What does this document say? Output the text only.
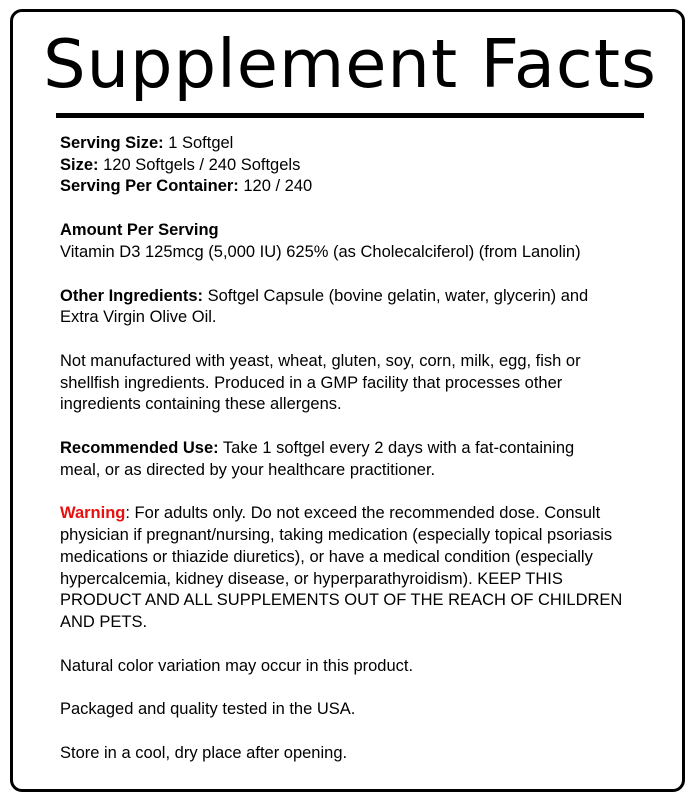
Supplement Facts
Serving Size: 1 Softgel
Size: 120 Softgels / 240 Softgels
Serving Per Container: 120 / 240
Amount Per Serving
Vitamin D3 125mcg (5,000 IU) 625% (as Cholecalciferol) (from Lanolin)
Other Ingredients: Softgel Capsule (bovine gelatin, water, glycerin) and
Extra Virgin Olive Oil.
Not manufactured with yeast, wheat, gluten, soy, corn, milk, egg, fish or
shellfish ingredients. Produced in a GMP facility that processes other
ingredients containing these allergens.
Recommended Use: Take 1 softgel every 2 days with a fat-containing
meal, or as directed by your healthcare practitioner.
Warning: For adults only. Do not exceed the recommended dose. Consult
physician if pregnant/nursing, taking medication (especially topical psoriasis
medications or thiazide diuretics), or have a medical condition (especially
hypercalcemia, kidney disease, or hyperparathyroidism). KEEP THIS
PRODUCT AND ALL SUPPLEMENTS OUT OF THE REACH OF CHILDREN
AND PETS.
Natural color variation may occur in this product.
Packaged and quality tested in the USA.
Store in a cool, dry place after opening.
